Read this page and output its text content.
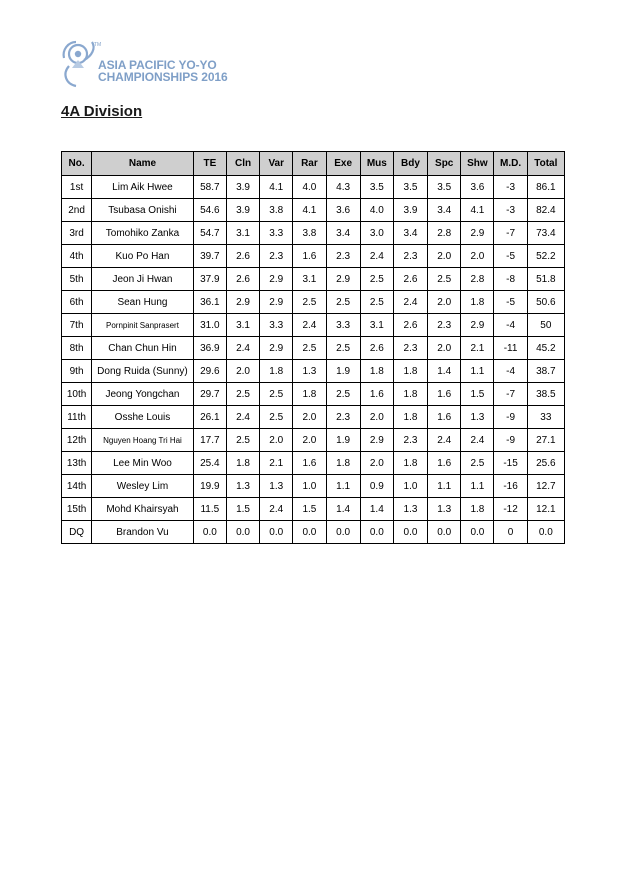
TM
ASIA PACIFIC YO-YO
CHAMPIONSHIPS 2016
4A Division
No.	Name	TE	Cln	Var	Rar	Exe	Mus	Bdy	Spc	Shw	M.D.	Total
1st	Lim Aik Hwee	58.7	3.9	4.1	4.0	4.3	3.5	3.5	3.5	3.6	-3	86.1
2nd	Tsubasa Onishi	54.6	3.9	3.8	4.1	3.6	4.0	3.9	3.4	4.1	-3	82.4
3rd	Tomohiko Zanka	54.7	3.1	3.3	3.8	3.4	3.0	3.4	2.8	2.9	-7	73.4
4th	Kuo Po Han	39.7	2.6	2.3	1.6	2.3	2.4	2.3	2.0	2.0	-5	52.2
5th	Jeon Ji Hwan	37.9	2.6	2.9	3.1	2.9	2.5	2.6	2.5	2.8	-8	51.8
6th	Sean Hung	36.1	2.9	2.9	2.5	2.5	2.5	2.4	2.0	1.8	-5	50.6
7th	Pornpinit Sanprasert	31.0	3.1	3.3	2.4	3.3	3.1	2.6	2.3	2.9	-4	50
8th	Chan Chun Hin	36.9	2.4	2.9	2.5	2.5	2.6	2.3	2.0	2.1	-11	45.2
9th	Dong Ruida (Sunny)	29.6	2.0	1.8	1.3	1.9	1.8	1.8	1.4	1.1	-4	38.7
10th	Jeong Yongchan	29.7	2.5	2.5	1.8	2.5	1.6	1.8	1.6	1.5	-7	38.5
11th	Osshe Louis	26.1	2.4	2.5	2.0	2.3	2.0	1.8	1.6	1.3	-9	33
12th	Nguyen Hoang Tri Hai	17.7	2.5	2.0	2.0	1.9	2.9	2.3	2.4	2.4	-9	27.1
13th	Lee Min Woo	25.4	1.8	2.1	1.6	1.8	2.0	1.8	1.6	2.5	-15	25.6
14th	Wesley Lim	19.9	1.3	1.3	1.0	1.1	0.9	1.0	1.1	1.1	-16	12.7
15th	Mohd Khairsyah	11.5	1.5	2.4	1.5	1.4	1.4	1.3	1.3	1.8	-12	12.1
DQ	Brandon Vu	0.0	0.0	0.0	0.0	0.0	0.0	0.0	0.0	0.0	0	0.0
